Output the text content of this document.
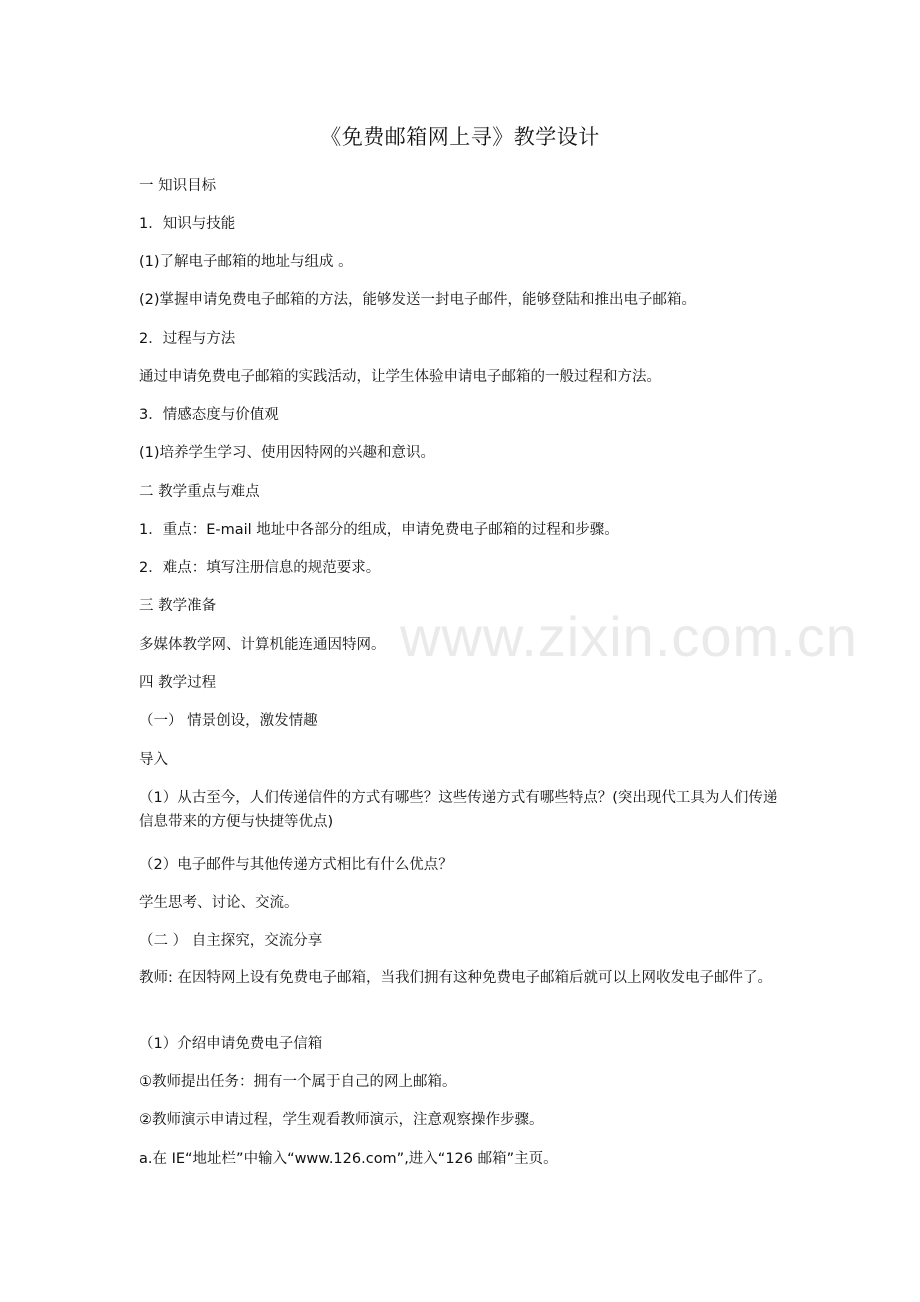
《免费邮箱网上寻》教学设计
一 知识目标
1．知识与技能
(1)了解电子邮箱的地址与组成 。
(2)掌握申请免费电子邮箱的方法，能够发送一封电子邮件，能够登陆和推出电子邮箱。
2．过程与方法
通过申请免费电子邮箱的实践活动，让学生体验申请电子邮箱的一般过程和方法。
3．情感态度与价值观
(1)培养学生学习、使用因特网的兴趣和意识。
二 教学重点与难点
1．重点：E-mail 地址中各部分的组成，申请免费电子邮箱的过程和步骤。
2．难点：填写注册信息的规范要求。
三 教学准备
多媒体教学网、计算机能连通因特网。
四 教学过程
（一） 情景创设，激发情趣
导入
（1）从古至今，人们传递信件的方式有哪些？这些传递方式有哪些特点？(突出现代工具为人们传递信息带来的方便与快捷等优点)
（2）电子邮件与其他传递方式相比有什么优点？
学生思考、讨论、交流。
（二 ） 自主探究，交流分享
教师: 在因特网上设有免费电子邮箱，当我们拥有这种免费电子邮箱后就可以上网收发电子邮件了。
（1）介绍申请免费电子信箱
①教师提出任务：拥有一个属于自己的网上邮箱。
②教师演示申请过程，学生观看教师演示，注意观察操作步骤。
a.在 IE“地址栏”中输入“www.126.com”,进入“126 邮箱”主页。
www.zixin.com.cn
